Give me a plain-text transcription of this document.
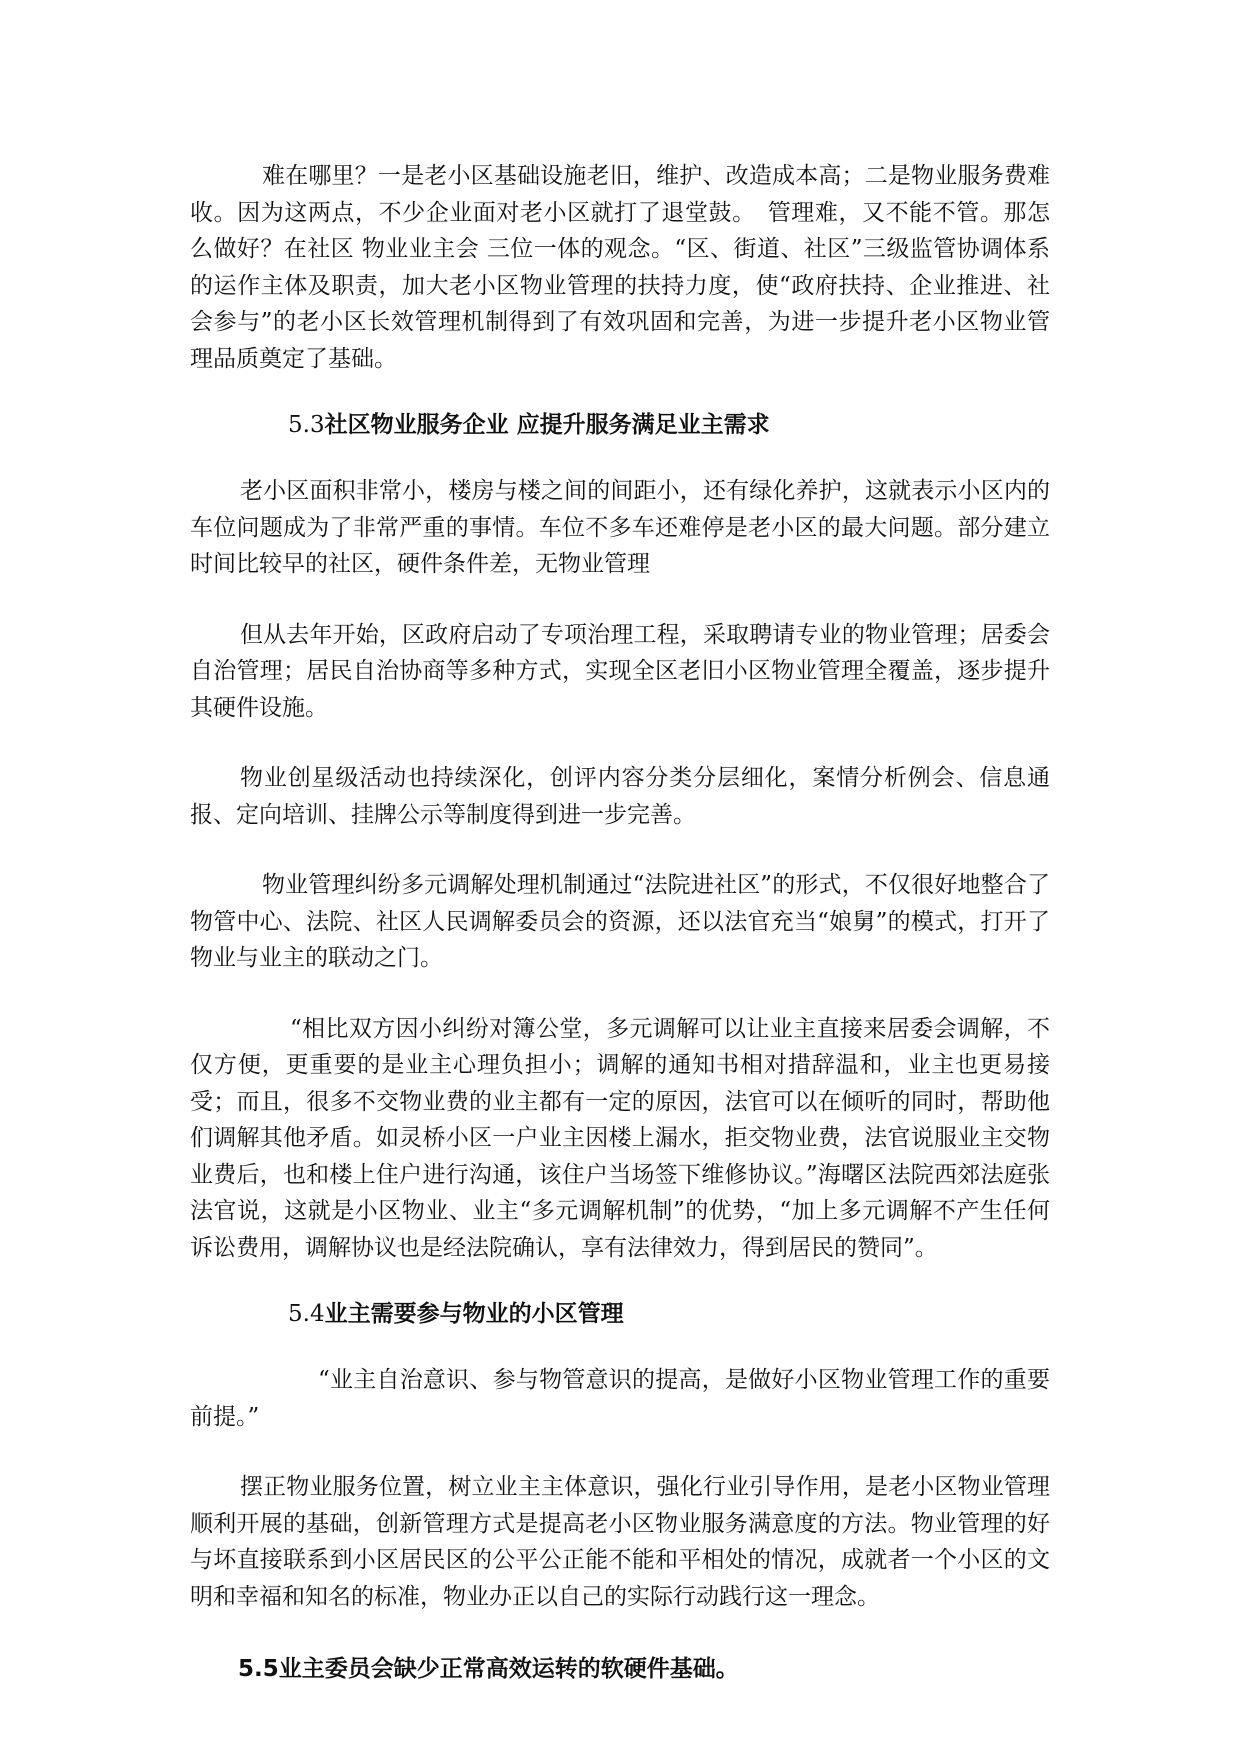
难在哪里？一是老小区基础设施老旧，维护、改造成本高；二是物业服务费难收。因为这两点，不少企业面对老小区就打了退堂鼓。　管理难，又不能不管。那怎么做好？在社区 物业业主会 三位一体的观念。“区、街道、社区”三级监管协调体系的运作主体及职责，加大老小区物业管理的扶持力度，使“政府扶持、企业推进、社会参与”的老小区长效管理机制得到了有效巩固和完善，为进一步提升老小区物业管理品质奠定了基础。

5.3社区物业服务企业 应提升服务满足业主需求

老小区面积非常小，楼房与楼之间的间距小，还有绿化养护，这就表示小区内的车位问题成为了非常严重的事情。车位不多车还难停是老小区的最大问题。部分建立时间比较早的社区，硬件条件差，无物业管理

但从去年开始，区政府启动了专项治理工程，采取聘请专业的物业管理；居委会自治管理；居民自治协商等多种方式，实现全区老旧小区物业管理全覆盖，逐步提升其硬件设施。

物业创星级活动也持续深化，创评内容分类分层细化，案情分析例会、信息通报、定向培训、挂牌公示等制度得到进一步完善。

物业管理纠纷多元调解处理机制通过“法院进社区”的形式，不仅很好地整合了物管中心、法院、社区人民调解委员会的资源，还以法官充当“娘舅”的模式，打开了物业与业主的联动之门。

“相比双方因小纠纷对簿公堂，多元调解可以让业主直接来居委会调解，不仅方便，更重要的是业主心理负担小；调解的通知书相对措辞温和，业主也更易接受；而且，很多不交物业费的业主都有一定的原因，法官可以在倾听的同时，帮助他们调解其他矛盾。如灵桥小区一户业主因楼上漏水，拒交物业费，法官说服业主交物业费后，也和楼上住户进行沟通，该住户当场签下维修协议。”海曙区法院西郊法庭张法官说，这就是小区物业、业主“多元调解机制”的优势，“加上多元调解不产生任何诉讼费用，调解协议也是经法院确认，享有法律效力，得到居民的赞同”。

5.4业主需要参与物业的小区管理

“业主自治意识、参与物管意识的提高，是做好小区物业管理工作的重要前提。”

摆正物业服务位置，树立业主主体意识，强化行业引导作用，是老小区物业管理顺利开展的基础，创新管理方式是提高老小区物业服务满意度的方法。物业管理的好与坏直接联系到小区居民区的公平公正能不能和平相处的情况，成就者一个小区的文明和幸福和知名的标准，物业办正以自己的实际行动践行这一理念。

5.5业主委员会缺少正常高效运转的软硬件基础。
